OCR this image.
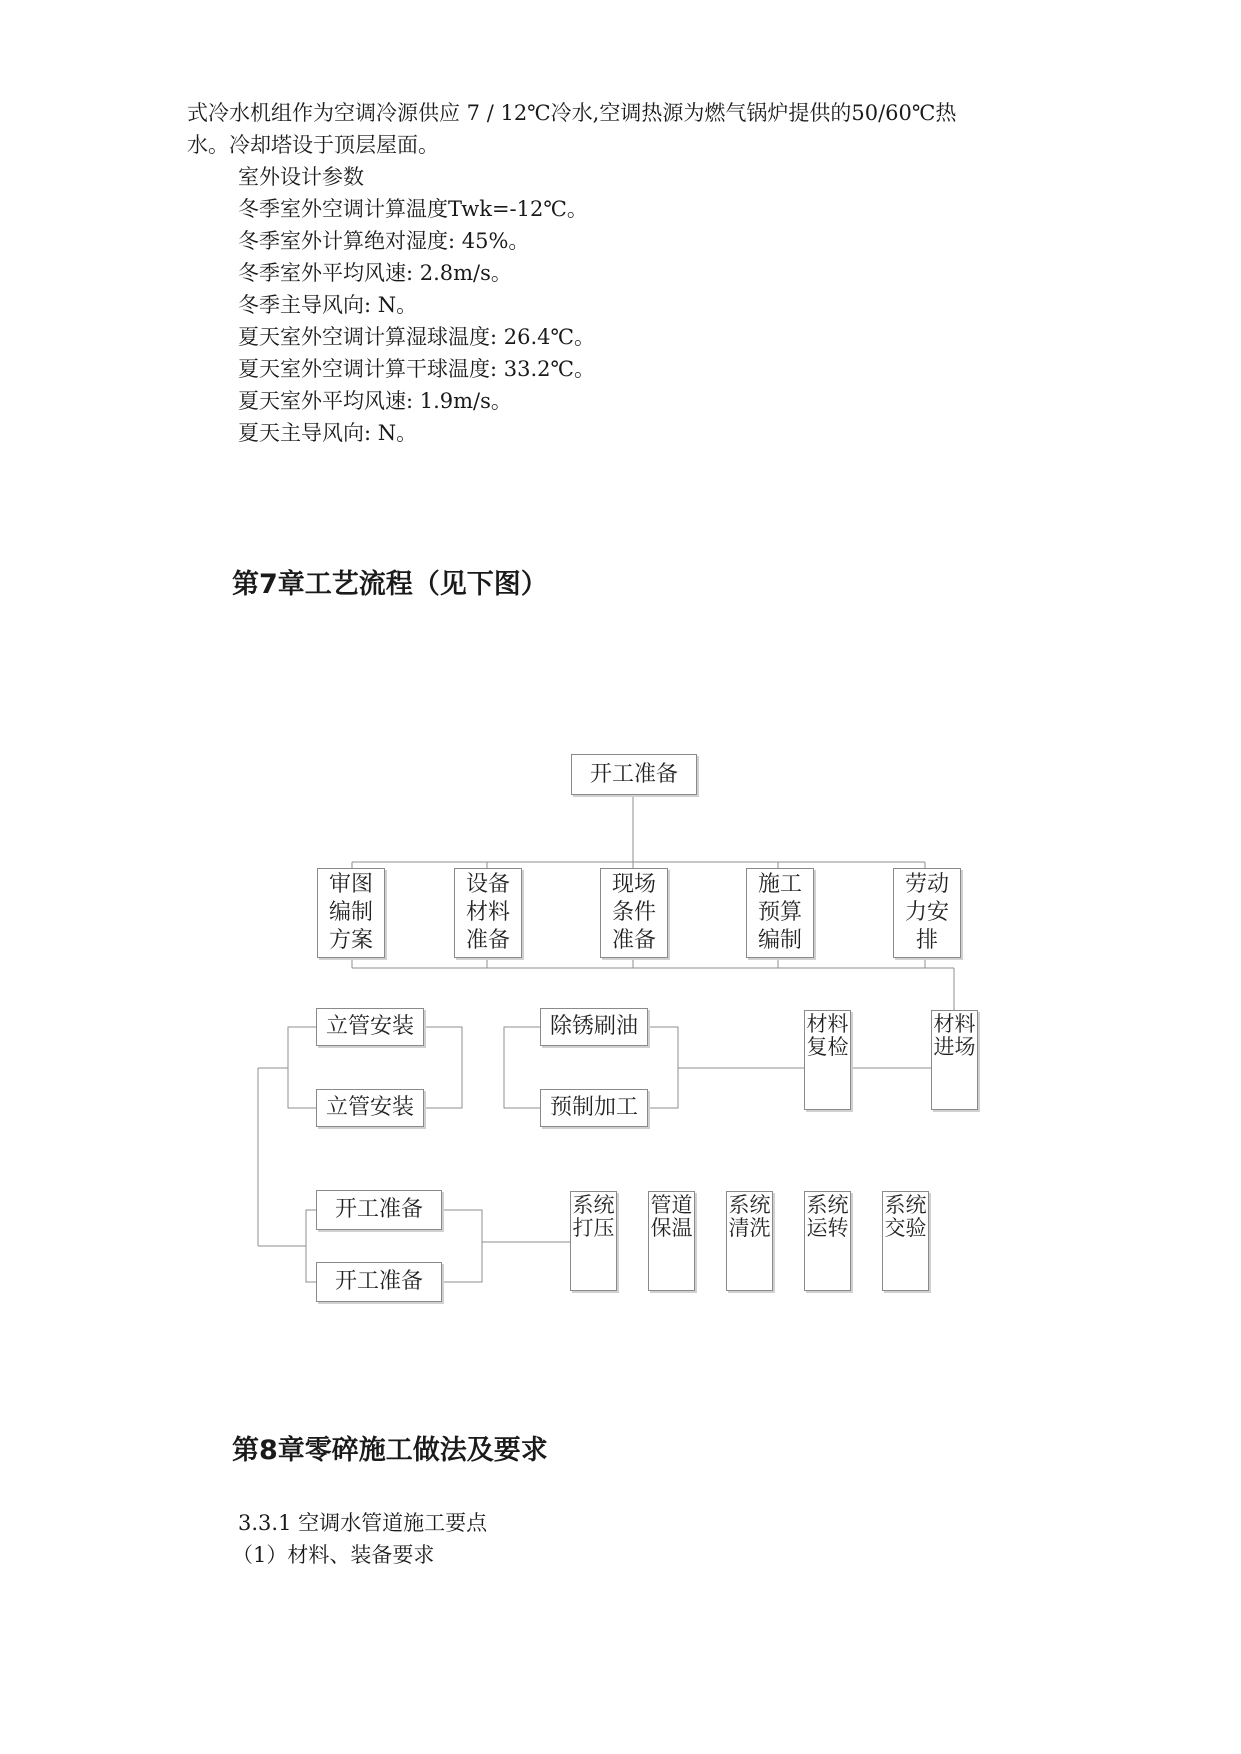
式冷水机组作为空调冷源供应 7 / 12℃冷水,空调热源为燃气锅炉提供的50/60℃热
水。冷却塔设于顶层屋面。
室外设计参数
冬季室外空调计算温度Twk=-12℃。
冬季室外计算绝对湿度: 45%。
冬季室外平均风速: 2.8m/s。
冬季主导风向: N。
夏天室外空调计算湿球温度: 26.4℃。
夏天室外空调计算干球温度: 33.2℃。
夏天室外平均风速: 1.9m/s。
夏天主导风向: N。
第7章工艺流程（见下图）
开工准备
审图
编制
方案
设备
材料
准备
现场
条件
准备
施工
预算
编制
劳动
力安
排
立管安装
立管安装
除锈刷油
预制加工
材料复检
材料进场
开工准备
开工准备
系统打压
管道保温
系统清洗
系统运转
系统交验
第8章零碎施工做法及要求
3.3.1 空调水管道施工要点
（1）材料、装备要求
